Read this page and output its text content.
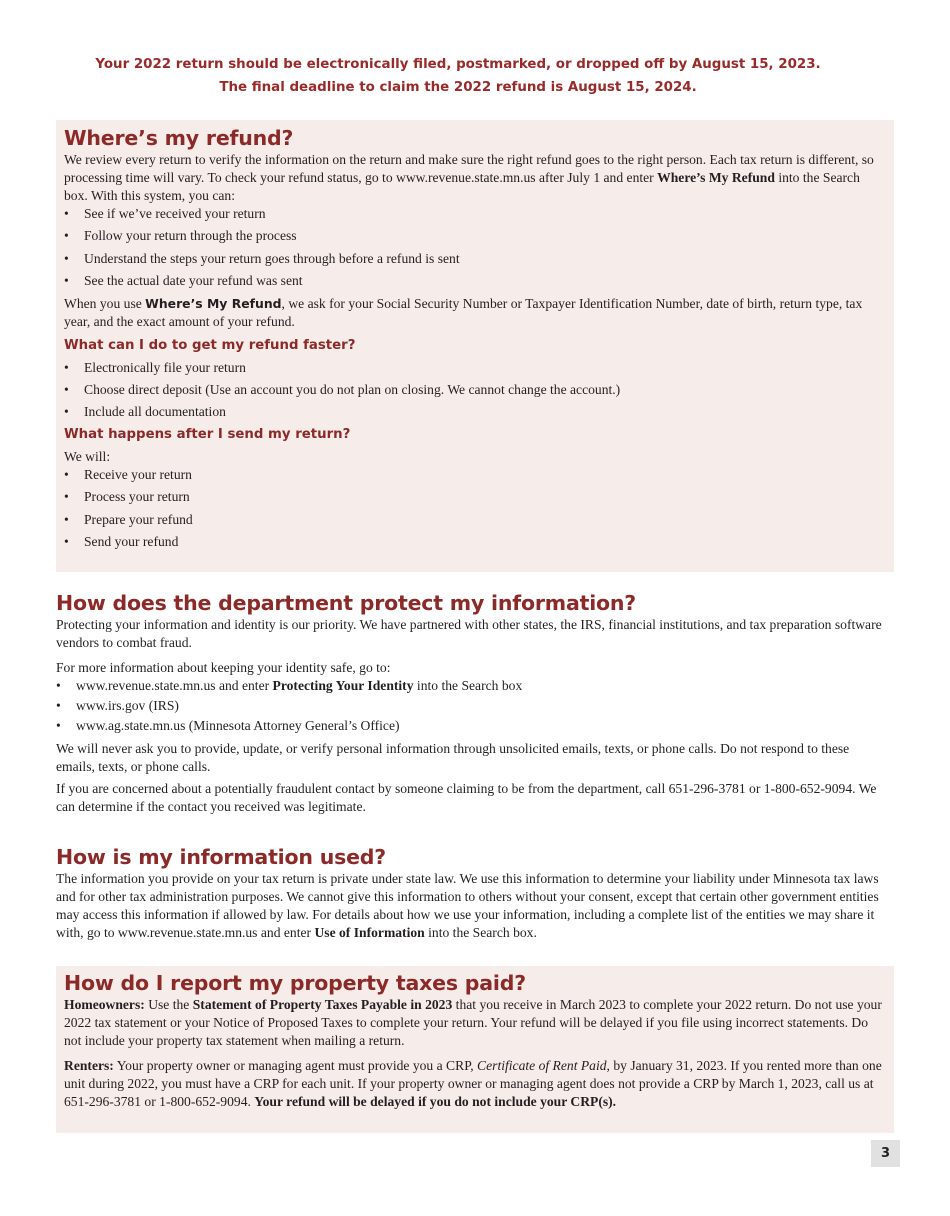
Your 2022 return should be electronically filed, postmarked, or dropped off by August 15, 2023.
The final deadline to claim the 2022 refund is August 15, 2024.
Where’s my refund?

We review every return to verify the information on the return and make sure the right refund goes to the right person. Each tax return is different, so processing time will vary. To check your refund status, go to www.revenue.state.mn.us after July 1 and enter Where’s My Refund into the Search box. With this system, you can:

• See if we’ve received your return
• Follow your return through the process
• Understand the steps your return goes through before a refund is sent
• See the actual date your refund was sent

When you use Where’s My Refund, we ask for your Social Security Number or Taxpayer Identification Number, date of birth, return type, tax year, and the exact amount of your refund.

What can I do to get my refund faster?
• Electronically file your return
• Choose direct deposit (Use an account you do not plan on closing. We cannot change the account.)
• Include all documentation
What happens after I send my return?

We will:

• Receive your return
• Process your return
• Prepare your refund
• Send your refund
How does the department protect my information?

Protecting your information and identity is our priority. We have partnered with other states, the IRS, financial institutions, and tax preparation software vendors to combat fraud.

For more information about keeping your identity safe, go to:

• www.revenue.state.mn.us and enter Protecting Your Identity into the Search box
• www.irs.gov (IRS)
• www.ag.state.mn.us (Minnesota Attorney General’s Office)

We will never ask you to provide, update, or verify personal information through unsolicited emails, texts, or phone calls. Do not respond to these emails, texts, or phone calls.

If you are concerned about a potentially fraudulent contact by someone claiming to be from the department, call 651-296-3781 or 1-800-652-9094. We can determine if the contact you received was legitimate.

How is my information used?

The information you provide on your tax return is private under state law. We use this information to determine your liability under Minnesota tax laws and for other tax administration purposes. We cannot give this information to others without your consent, except that certain other government entities may access this information if allowed by law. For details about how we use your information, including a complete list of the entities we may share it with, go to www.revenue.state.mn.us and enter Use of Information into the Search box.

How do I report my property taxes paid?

Homeowners: Use the Statement of Property Taxes Payable in 2023 that you receive in March 2023 to complete your 2022 return. Do not use your 2022 tax statement or your Notice of Proposed Taxes to complete your return. Your refund will be delayed if you file using incorrect statements. Do not include your property tax statement when mailing a return.

Renters: Your property owner or managing agent must provide you a CRP, Certificate of Rent Paid, by January 31, 2023. If you rented more than one unit during 2022, you must have a CRP for each unit. If your property owner or managing agent does not provide a CRP by March 1, 2023, call us at 651-296-3781 or 1-800-652-9094. Your refund will be delayed if you do not include your CRP(s).

3
